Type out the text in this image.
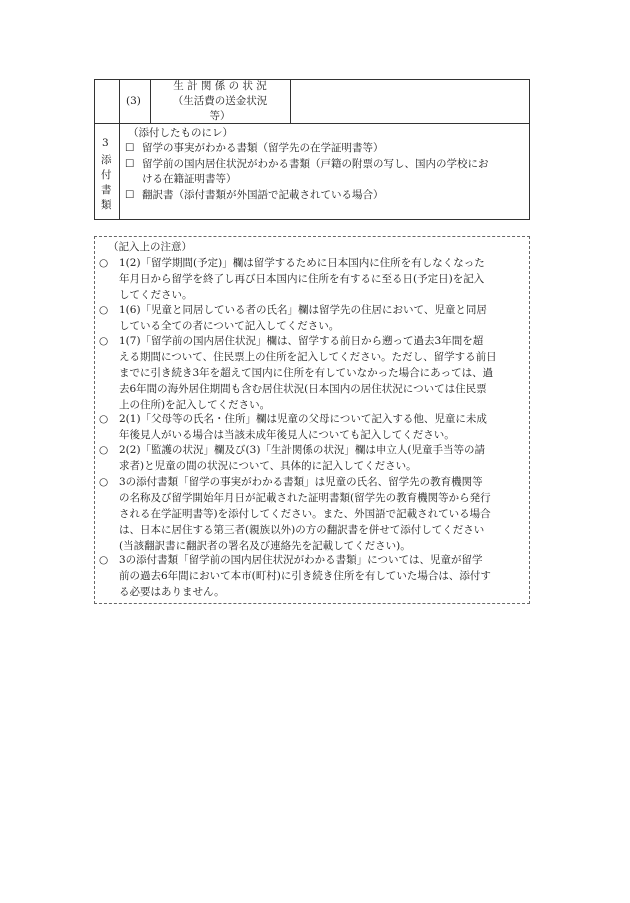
(3)
生 計 関 係 の 状 況
（生活費の送金状況
等）
3
添
付
書
類
（添付したものにレ）
☐ 留学の事実がわかる書類（留学先の在学証明書等）
☐ 留学前の国内居住状況がわかる書類（戸籍の附票の写し、国内の学校にお
ける在籍証明書等）
☐ 翻訳書（添付書類が外国語で記載されている場合）
（記入上の注意）
○ 1(2)「留学期間(予定)」欄は留学するために日本国内に住所を有しなくなった
年月日から留学を終了し再び日本国内に住所を有するに至る日(予定日)を記入
してください。
○ 1(6)「児童と同居している者の氏名」欄は留学先の住居において、児童と同居
している全ての者について記入してください。
○ 1(7)「留学前の国内居住状況」欄は、留学する前日から遡って過去3年間を超
える期間について、住民票上の住所を記入してください。ただし、留学する前日
までに引き続き3年を超えて国内に住所を有していなかった場合にあっては、過
去6年間の海外居住期間も含む居住状況(日本国内の居住状況については住民票
上の住所)を記入してください。
○ 2(1)「父母等の氏名・住所」欄は児童の父母について記入する他、児童に未成
年後見人がいる場合は当該未成年後見人についても記入してください。
○ 2(2)「監護の状況」欄及び(3)「生計関係の状況」欄は申立人(児童手当等の請
求者)と児童の間の状況について、具体的に記入してください。
○ 3の添付書類「留学の事実がわかる書類」は児童の氏名、留学先の教育機関等
の名称及び留学開始年月日が記載された証明書類(留学先の教育機関等から発行
される在学証明書等)を添付してください。また、外国語で記載されている場合
は、日本に居住する第三者(親族以外)の方の翻訳書を併せて添付してください
(当該翻訳書に翻訳者の署名及び連絡先を記載してください)。
○ 3の添付書類「留学前の国内居住状況がわかる書類」については、児童が留学
前の過去6年間において本市(町村)に引き続き住所を有していた場合は、添付す
る必要はありません。
